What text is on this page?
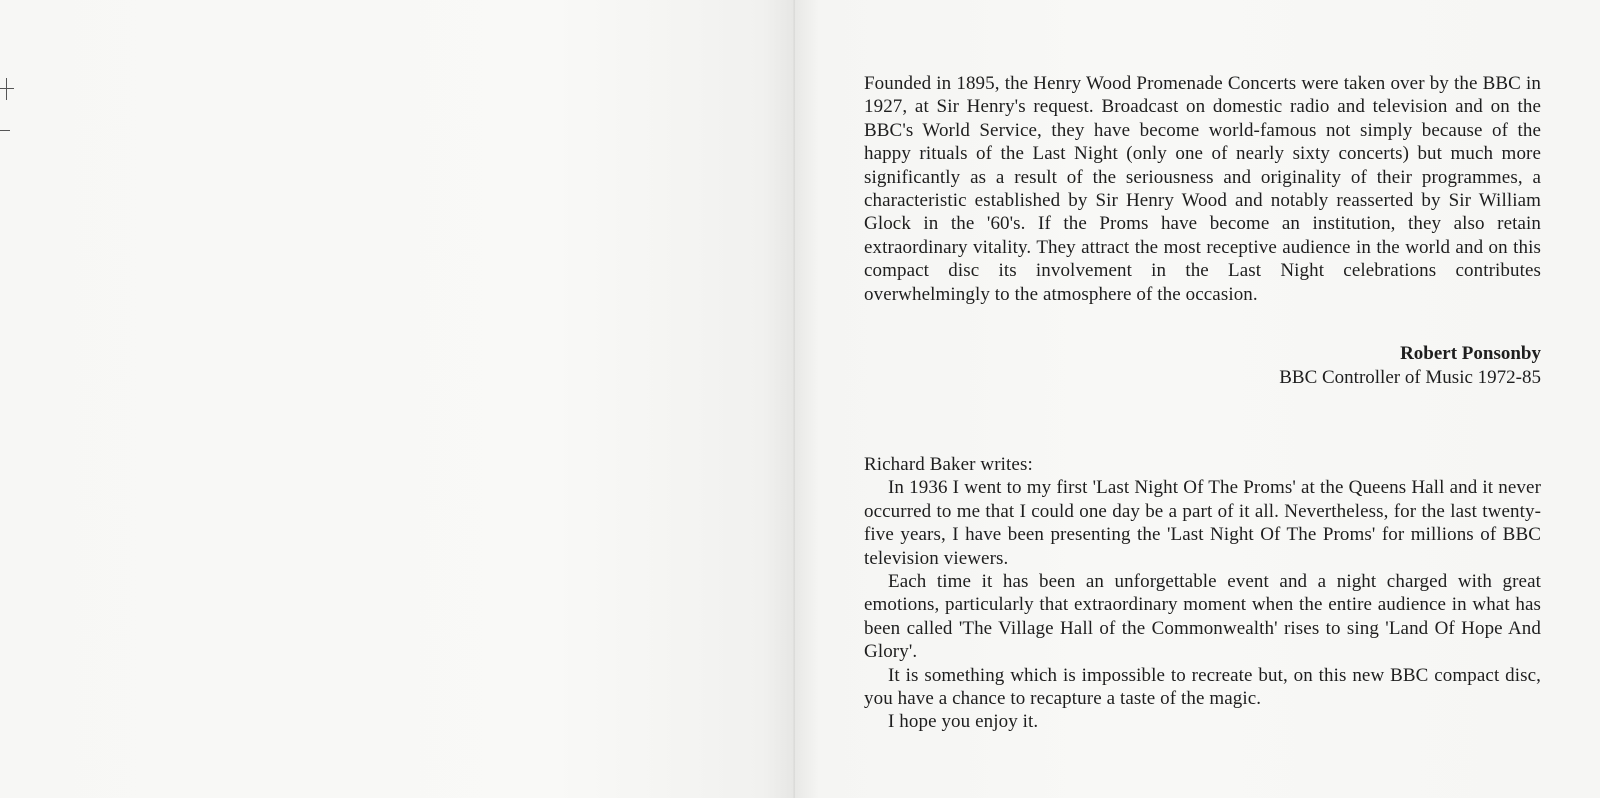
Founded in 1895, the Henry Wood Promenade Concerts were taken over by the BBC in 1927, at Sir Henry's request. Broadcast on domestic radio and television and on the BBC's World Service, they have become world-famous not simply because of the happy rituals of the Last Night (only one of nearly sixty concerts) but much more significantly as a result of the seriousness and originality of their programmes, a characteristic established by Sir Henry Wood and notably reasserted by Sir William Glock in the '60's. If the Proms have become an institution, they also retain extraordinary vitality. They attract the most receptive audience in the world and on this compact disc its involvement in the Last Night celebrations contributes overwhelmingly to the atmosphere of the occasion.
Robert Ponsonby
BBC Controller of Music 1972-85

Richard Baker writes:

In 1936 I went to my first 'Last Night Of The Proms' at the Queens Hall and it never occurred to me that I could one day be a part of it all. Nevertheless, for the last twenty-five years, I have been presenting the 'Last Night Of The Proms' for millions of BBC television viewers.

Each time it has been an unforgettable event and a night charged with great emotions, particularly that extraordinary moment when the entire audience in what has been called 'The Village Hall of the Commonwealth' rises to sing 'Land Of Hope And Glory'.

It is something which is impossible to recreate but, on this new BBC compact disc, you have a chance to recapture a taste of the magic.

I hope you enjoy it.
